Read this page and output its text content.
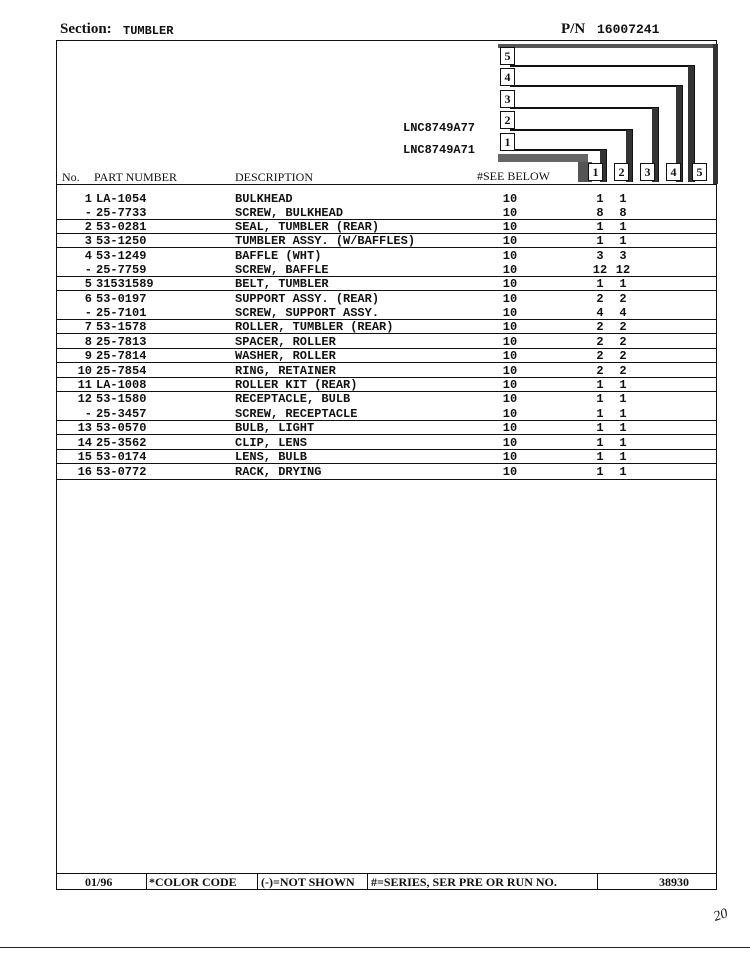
Section: TUMBLER	P/N 16007241
5
4
3
2
1
LNC8749A77
LNC8749A71
1	2	3	4	5
No. PART NUMBER	DESCRIPTION	#SEE BELOW
1 LA-1054	BULKHEAD	10	1	1
- 25-7733	SCREW, BULKHEAD	10	8	8
2 53-0281	SEAL, TUMBLER (REAR)	10	1	1
3 53-1250	TUMBLER ASSY. (W/BAFFLES)	10	1	1
4 53-1249	BAFFLE (WHT)	10	3	3
- 25-7759	SCREW, BAFFLE	10	12 12
5 31531589	BELT, TUMBLER	10	1	1
6 53-0197	SUPPORT ASSY. (REAR)	10	2	2
- 25-7101	SCREW, SUPPORT ASSY.	10	4	4
7 53-1578	ROLLER, TUMBLER (REAR)	10	2	2
8 25-7813	SPACER, ROLLER	10	2	2
9 25-7814	WASHER, ROLLER	10	2	2
10 25-7854	RING, RETAINER	10	2	2
11 LA-1008	ROLLER KIT (REAR)	10	1	1
12 53-1580	RECEPTACLE, BULB	10	1	1
- 25-3457	SCREW, RECEPTACLE	10	1	1
13 53-0570	BULB, LIGHT	10	1	1
14 25-3562	CLIP, LENS	10	1	1
15 53-0174	LENS, BULB	10	1	1
16 53-0772	RACK, DRYING	10	1	1
01/96	*COLOR CODE (-)=NOT SHOWN #=SERIES, SER PRE OR RUN NO.	38930
20
